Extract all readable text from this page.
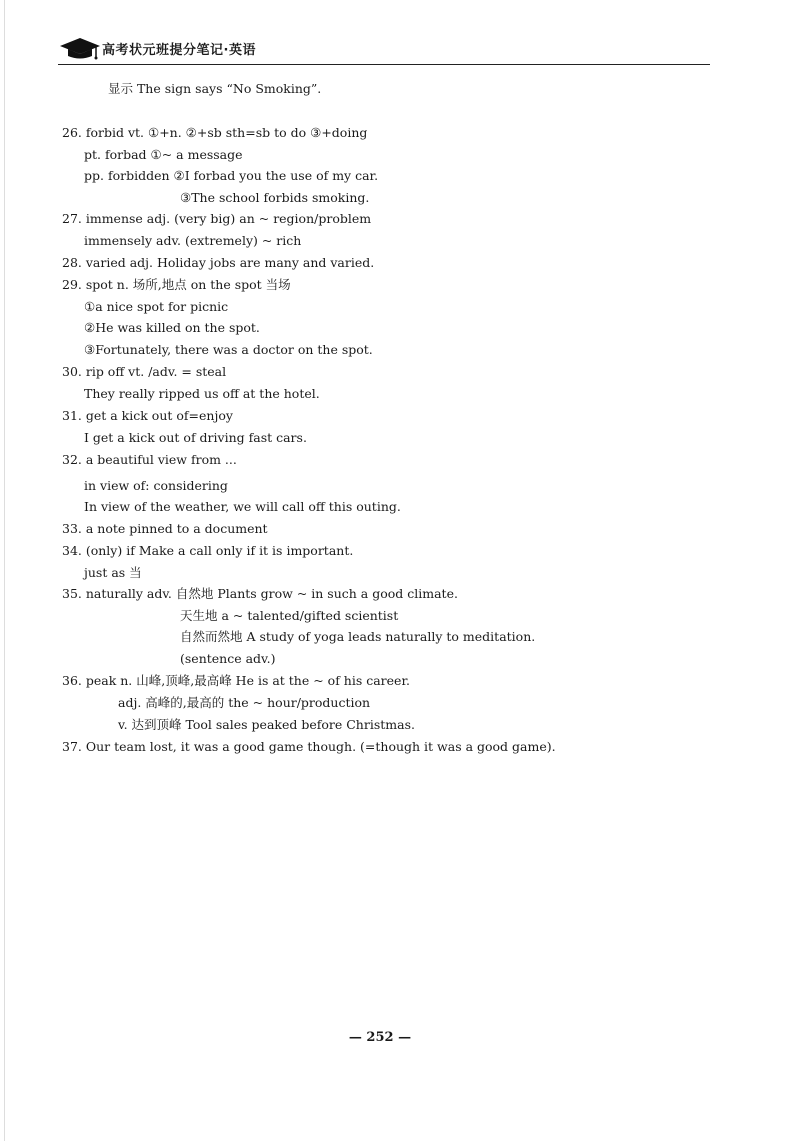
高考状元班提分笔记·英语
显示 The sign says “No Smoking”.
26. forbid vt. ①+n. ②+sb sth=sb to do ③+doing
pt. forbad ①~ a message
pp. forbidden ②I forbad you the use of my car.
③The school forbids smoking.
27. immense adj. (very big) an ~ region/problem
immensely adv. (extremely) ~ rich
28. varied adj. Holiday jobs are many and varied.
29. spot n. 场所,地点 on the spot 当场
①a nice spot for picnic
②He was killed on the spot.
③Fortunately, there was a doctor on the spot.
30. rip off vt. /adv. = steal
They really ripped us off at the hotel.
31. get a kick out of=enjoy
I get a kick out of driving fast cars.
32. a beautiful view from ...
in view of: considering
In view of the weather, we will call off this outing.
33. a note pinned to a document
34. (only) if Make a call only if it is important.
just as 当
35. naturally adv. 自然地 Plants grow ~ in such a good climate.
天生地 a ~ talented/gifted scientist
自然而然地 A study of yoga leads naturally to meditation.
(sentence adv.)
36. peak n. 山峰,顶峰,最高峰 He is at the ~ of his career.
adj. 高峰的,最高的 the ~ hour/production
v. 达到顶峰 Tool sales peaked before Christmas.
37. Our team lost, it was a good game though. (=though it was a good game).
— 252 —
